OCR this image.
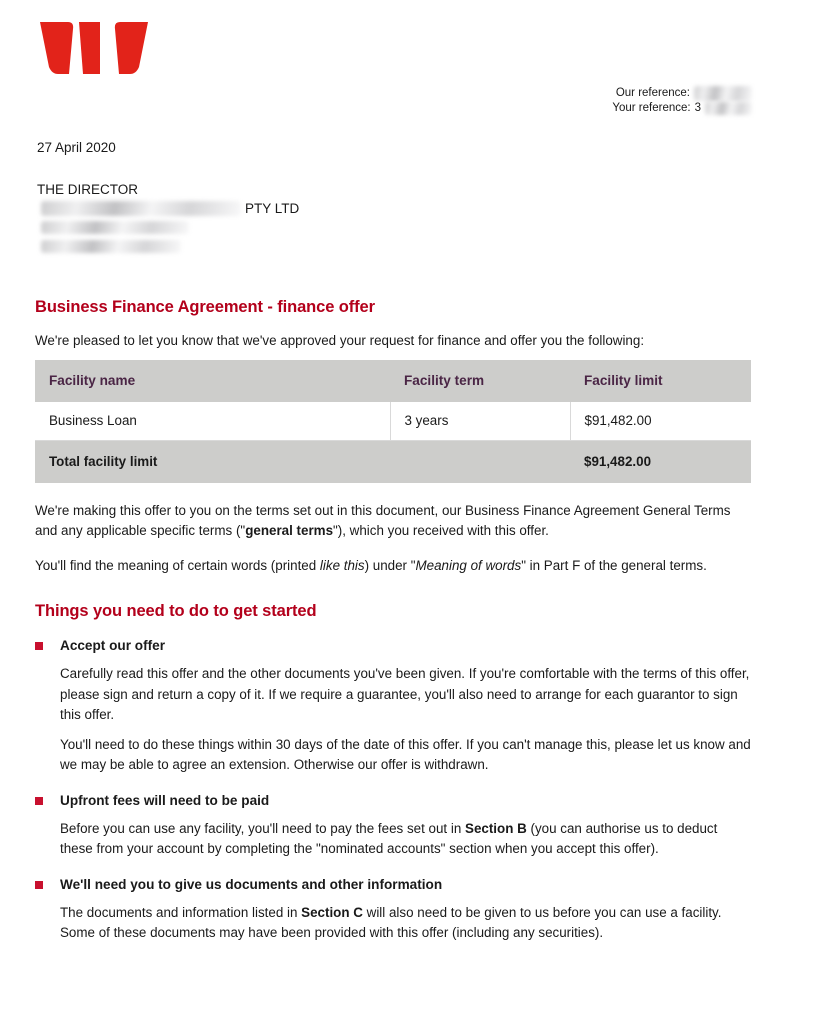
Our reference:
Your reference: 3
27 April 2020
THE DIRECTOR
PTY LTD
Business Finance Agreement - finance offer

We're pleased to let you know that we've approved your request for finance and offer you the following:

Facility name	Facility term	Facility limit
Business Loan	3 years	$91,482.00
Total facility limit		$91,482.00

We're making this offer to you on the terms set out in this document, our Business Finance Agreement General Terms and any applicable specific terms ("general terms"), which you received with this offer.

You'll find the meaning of certain words (printed like this) under "Meaning of words" in Part F of the general terms.

Things you need to do to get started
Accept our offer

Carefully read this offer and the other documents you've been given. If you're comfortable with the terms of this offer, please sign and return a copy of it. If we require a guarantee, you'll also need to arrange for each guarantor to sign this offer.

You'll need to do these things within 30 days of the date of this offer. If you can't manage this, please let us know and we may be able to agree an extension. Otherwise our offer is withdrawn.

Upfront fees will need to be paid

Before you can use any facility, you'll need to pay the fees set out in Section B (you can authorise us to deduct these from your account by completing the "nominated accounts" section when you accept this offer).

We'll need you to give us documents and other information

The documents and information listed in Section C will also need to be given to us before you can use a facility. Some of these documents may have been provided with this offer (including any securities).
